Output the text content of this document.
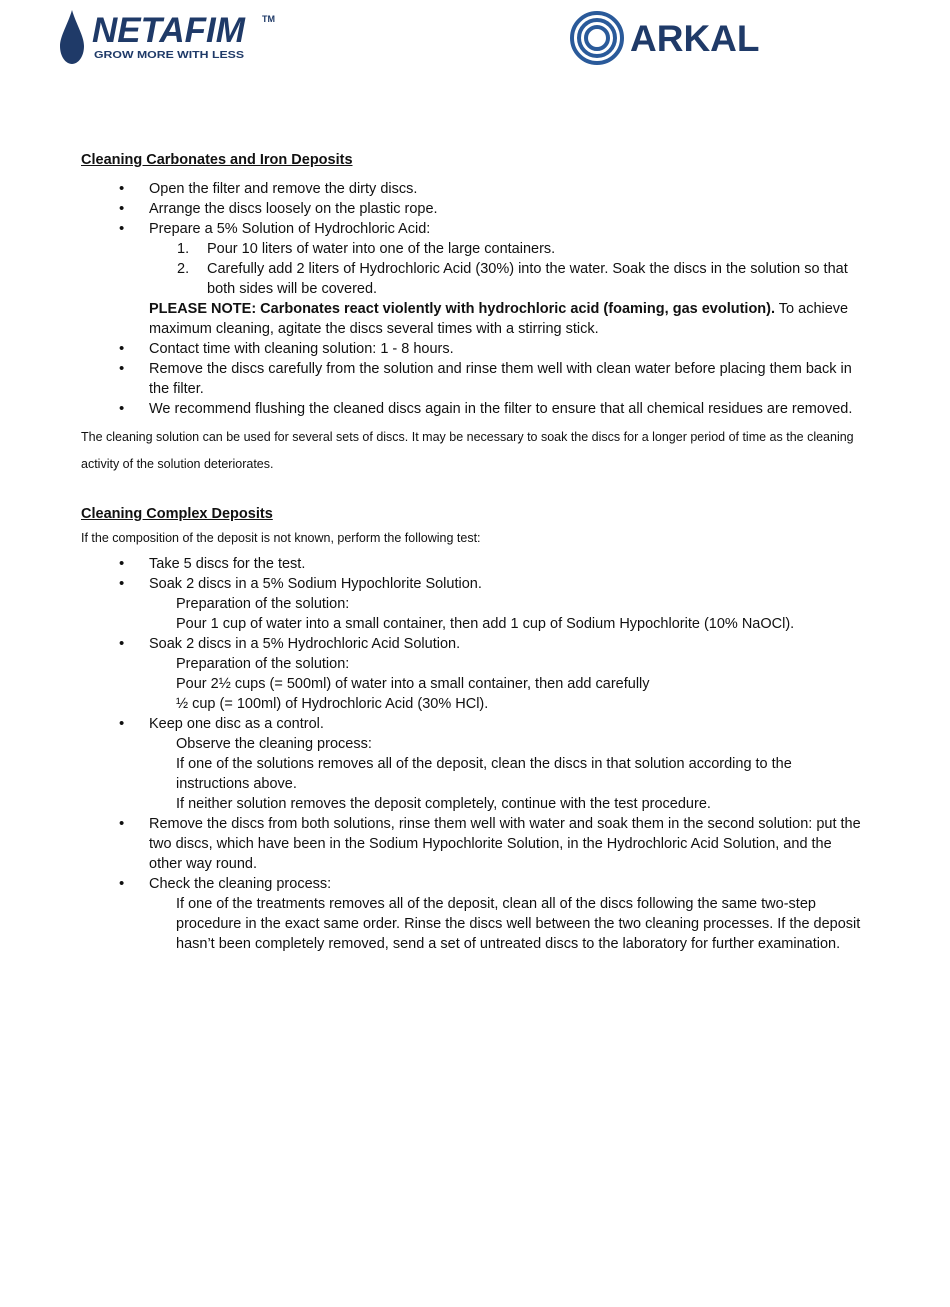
NETAFIM TM
GROW MORE WITH LESS	ARKAL
Cleaning Carbonates and Iron Deposits
• Open the filter and remove the dirty discs.
• Arrange the discs loosely on the plastic rope.
• Prepare a 5% Solution of Hydrochloric Acid:
1. Pour 10 liters of water into one of the large containers.
2. Carefully add 2 liters of Hydrochloric Acid (30%) into the water. Soak the discs in the solution so that both sides will be covered.
PLEASE NOTE: Carbonates react violently with hydrochloric acid (foaming, gas evolution). To achieve maximum cleaning, agitate the discs several times with a stirring stick.
• Contact time with cleaning solution: 1 - 8 hours.
• Remove the discs carefully from the solution and rinse them well with clean water before placing them back in the filter.
• We recommend flushing the cleaned discs again in the filter to ensure that all chemical residues are removed.

The cleaning solution can be used for several sets of discs. It may be necessary to soak the discs for a longer period of time as the cleaning activity of the solution deteriorates.

Cleaning Complex Deposits

If the composition of the deposit is not known, perform the following test:

• Take 5 discs for the test.
• Soak 2 discs in a 5% Sodium Hypochlorite Solution.
Preparation of the solution:
Pour 1 cup of water into a small container, then add 1 cup of Sodium Hypochlorite (10% NaOCl).
• Soak 2 discs in a 5% Hydrochloric Acid Solution.
Preparation of the solution:
Pour 2½ cups (= 500ml) of water into a small container, then add carefully
½ cup (= 100ml) of Hydrochloric Acid (30% HCl).
• Keep one disc as a control.
Observe the cleaning process:
If one of the solutions removes all of the deposit, clean the discs in that solution according to the instructions above.
If neither solution removes the deposit completely, continue with the test procedure.
• Remove the discs from both solutions, rinse them well with water and soak them in the second solution: put the two discs, which have been in the Sodium Hypochlorite Solution, in the Hydrochloric Acid Solution, and the other way round.
• Check the cleaning process:
If one of the treatments removes all of the deposit, clean all of the discs following the same two-step procedure in the exact same order. Rinse the discs well between the two cleaning processes. If the deposit hasn’t been completely removed, send a set of untreated discs to the laboratory for further examination.
